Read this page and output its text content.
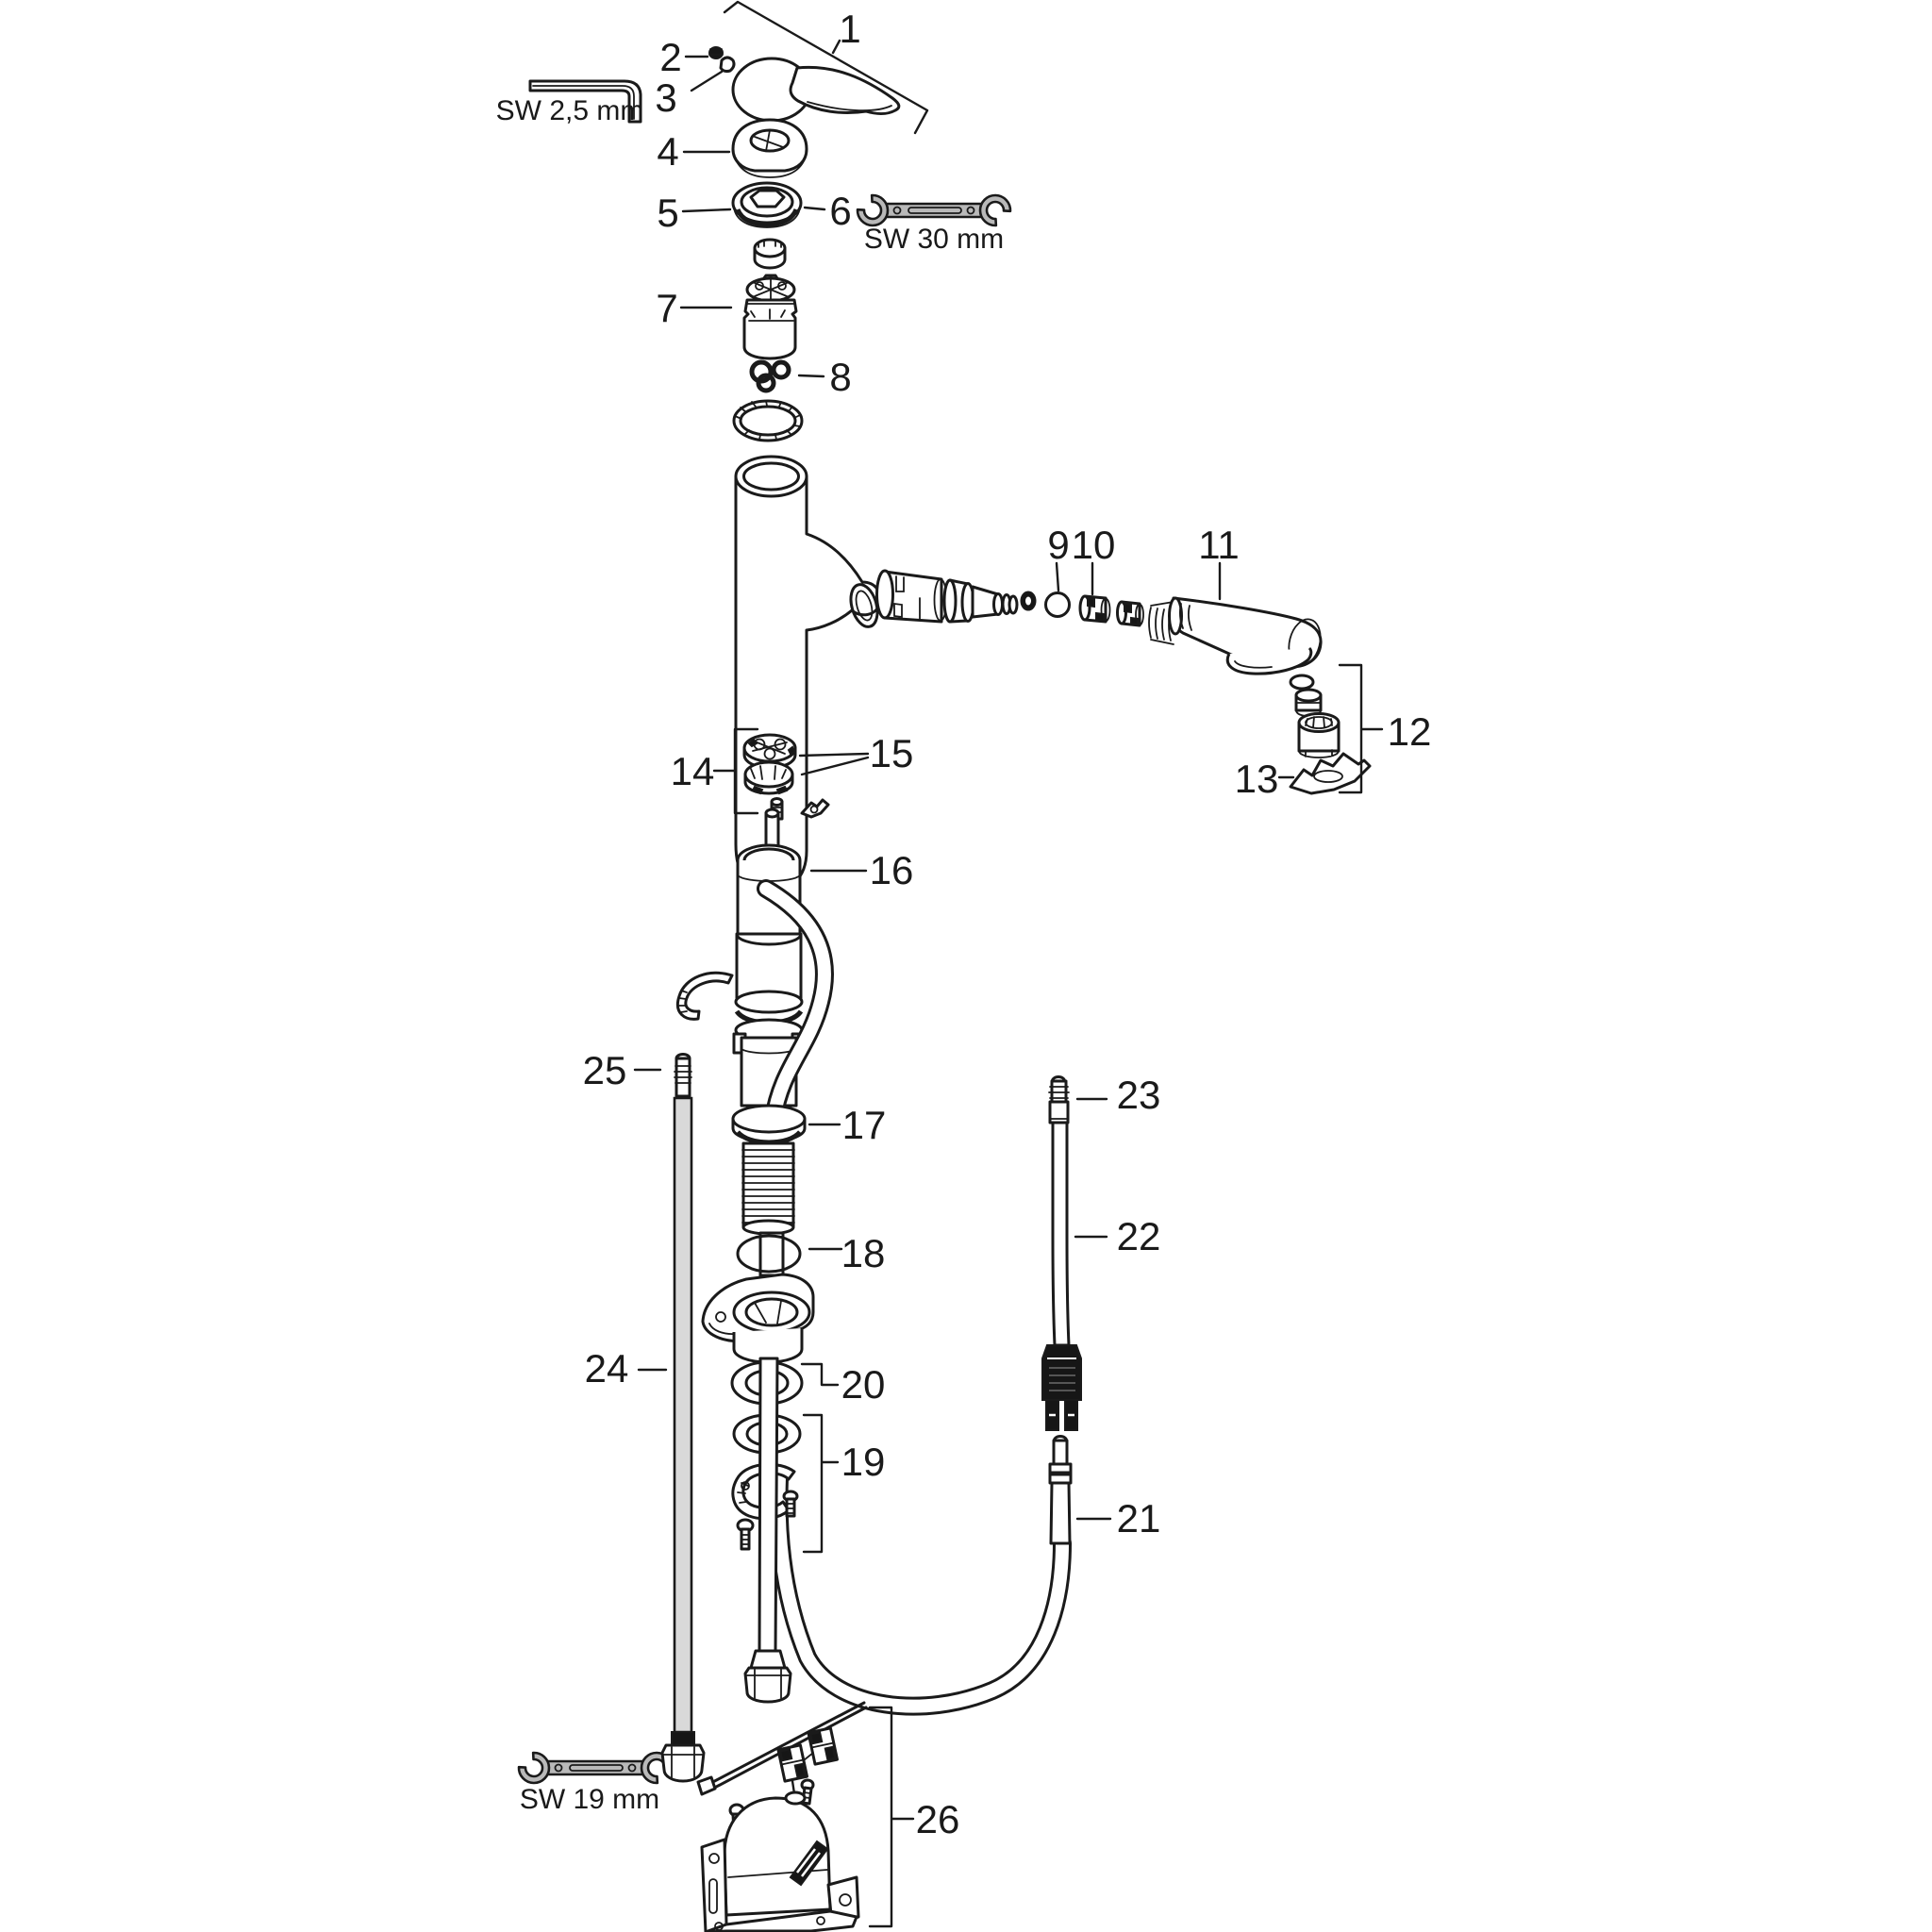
SW 2,5 mm
SW 30 mm
SW 19 mm
1
2
3
4
5	6
7
8
9 10 11
12
13
14	15
16
17
18
19
20
21
22
23
24
25
26
